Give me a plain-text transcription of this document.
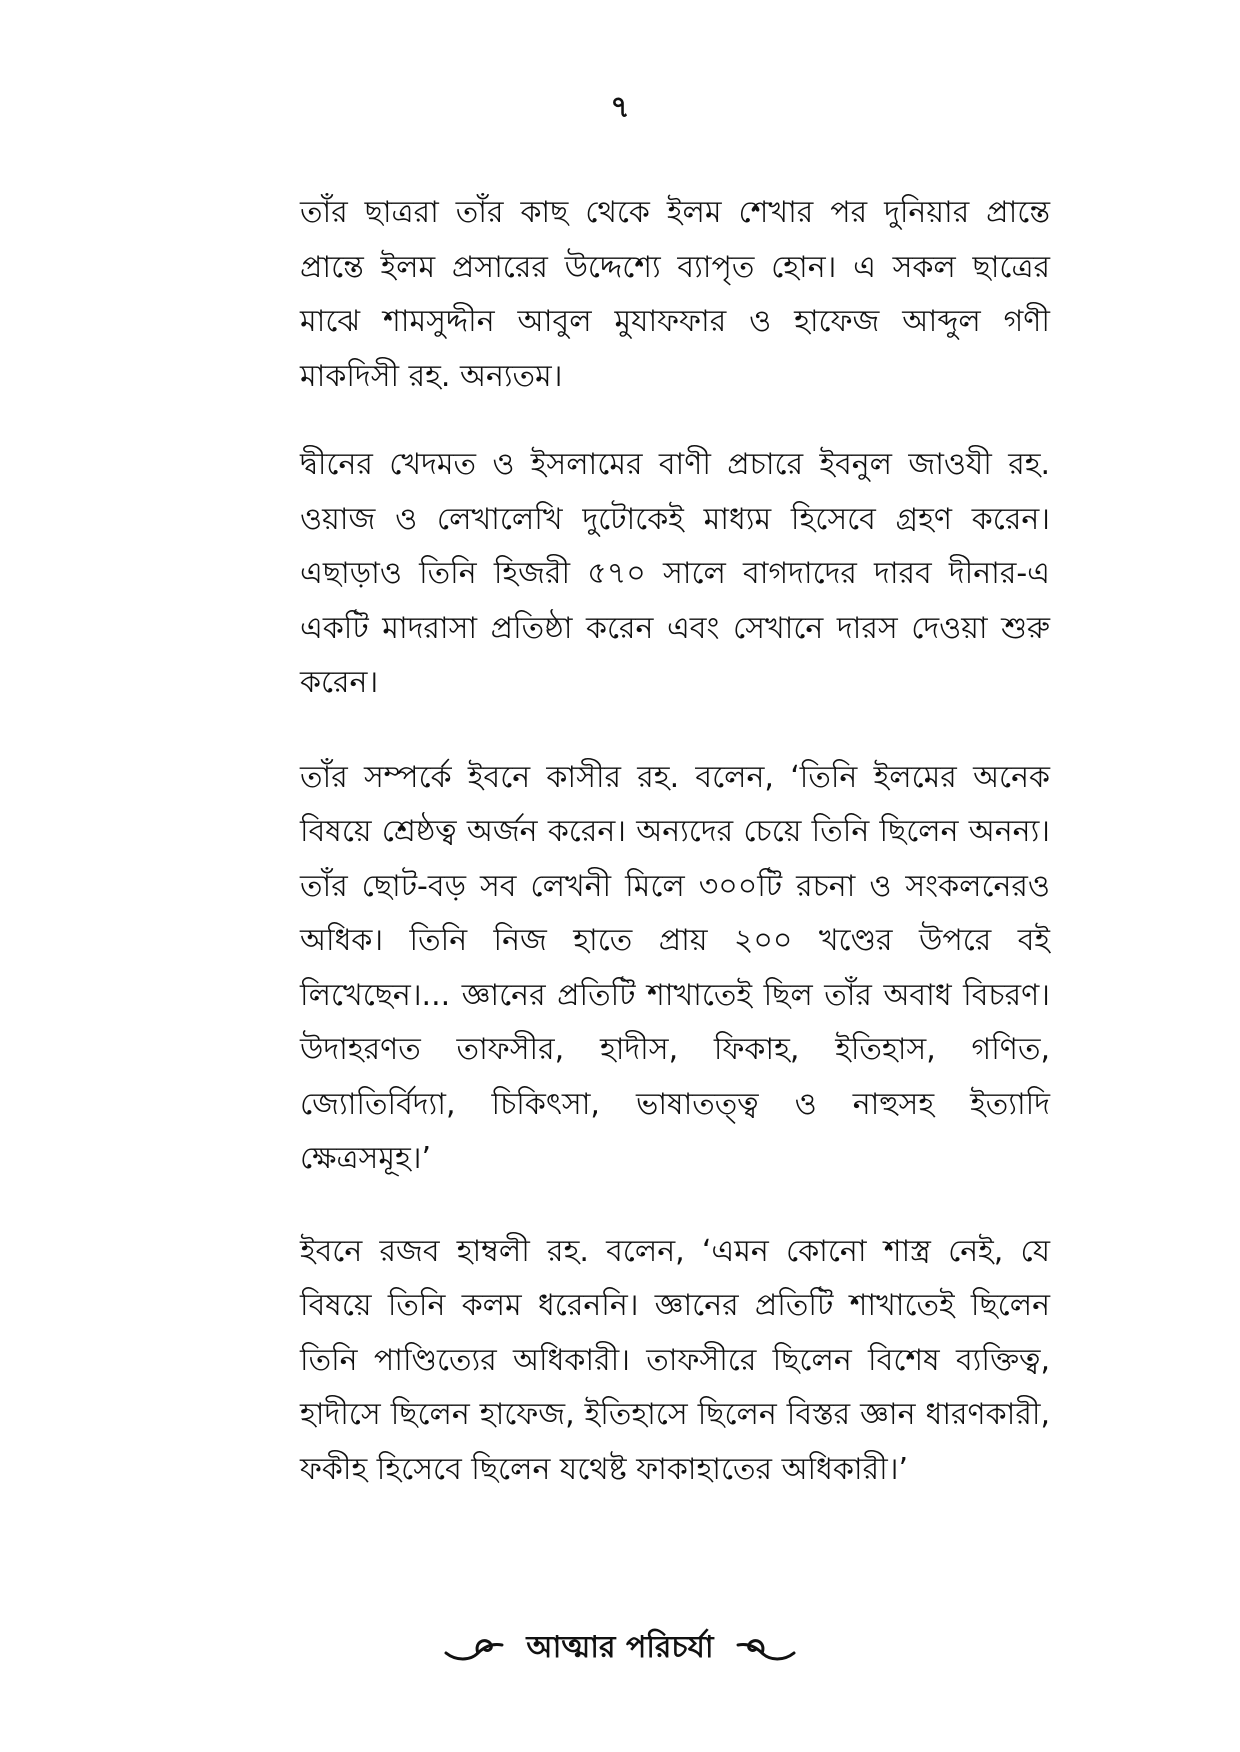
৭

তাঁর ছাত্ররা তাঁর কাছ থেকে ইলম শেখার পর দুনিয়ার প্রান্তে প্রান্তে ইলম প্রসারের উদ্দেশ্যে ব্যাপৃত হোন। এ সকল ছাত্রের মাঝে শামসুদ্দীন আবুল মুযাফফার ও হাফেজ আব্দুল গণী মাকদিসী রহ. অন্যতম।

দ্বীনের খেদমত ও ইসলামের বাণী প্রচারে ইবনুল জাওযী রহ. ওয়াজ ও লেখালেখি দুটোকেই মাধ্যম হিসেবে গ্রহণ করেন। এছাড়াও তিনি হিজরী ৫৭০ সালে বাগদাদের দারব দীনার-এ একটি মাদরাসা প্রতিষ্ঠা করেন এবং সেখানে দারস দেওয়া শুরু করেন।

তাঁর সম্পর্কে ইবনে কাসীর রহ. বলেন, ‘তিনি ইলমের অনেক বিষয়ে শ্রেষ্ঠত্ব অর্জন করেন। অন্যদের চেয়ে তিনি ছিলেন অনন্য। তাঁর ছোট-বড় সব লেখনী মিলে ৩০০টি রচনা ও সংকলনেরও অধিক। তিনি নিজ হাতে প্রায় ২০০ খণ্ডের উপরে বই লিখেছেন।... জ্ঞানের প্রতিটি শাখাতেই ছিল তাঁর অবাধ বিচরণ। উদাহরণত তাফসীর, হাদীস, ফিকাহ, ইতিহাস, গণিত, জ্যোতির্বিদ্যা, চিকিৎসা, ভাষাতত্ত্ব ও নাহুসহ ইত্যাদি ক্ষেত্রসমূহ।’

ইবনে রজব হাম্বলী রহ. বলেন, ‘এমন কোনো শাস্ত্র নেই, যে বিষয়ে তিনি কলম ধরেননি। জ্ঞানের প্রতিটি শাখাতেই ছিলেন তিনি পাণ্ডিত্যের অধিকারী। তাফসীরে ছিলেন বিশেষ ব্যক্তিত্ব, হাদীসে ছিলেন হাফেজ, ইতিহাসে ছিলেন বিস্তর জ্ঞান ধারণকারী, ফকীহ হিসেবে ছিলেন যথেষ্ট ফাকাহাতের অধিকারী।’

আত্মার পরিচর্যা
